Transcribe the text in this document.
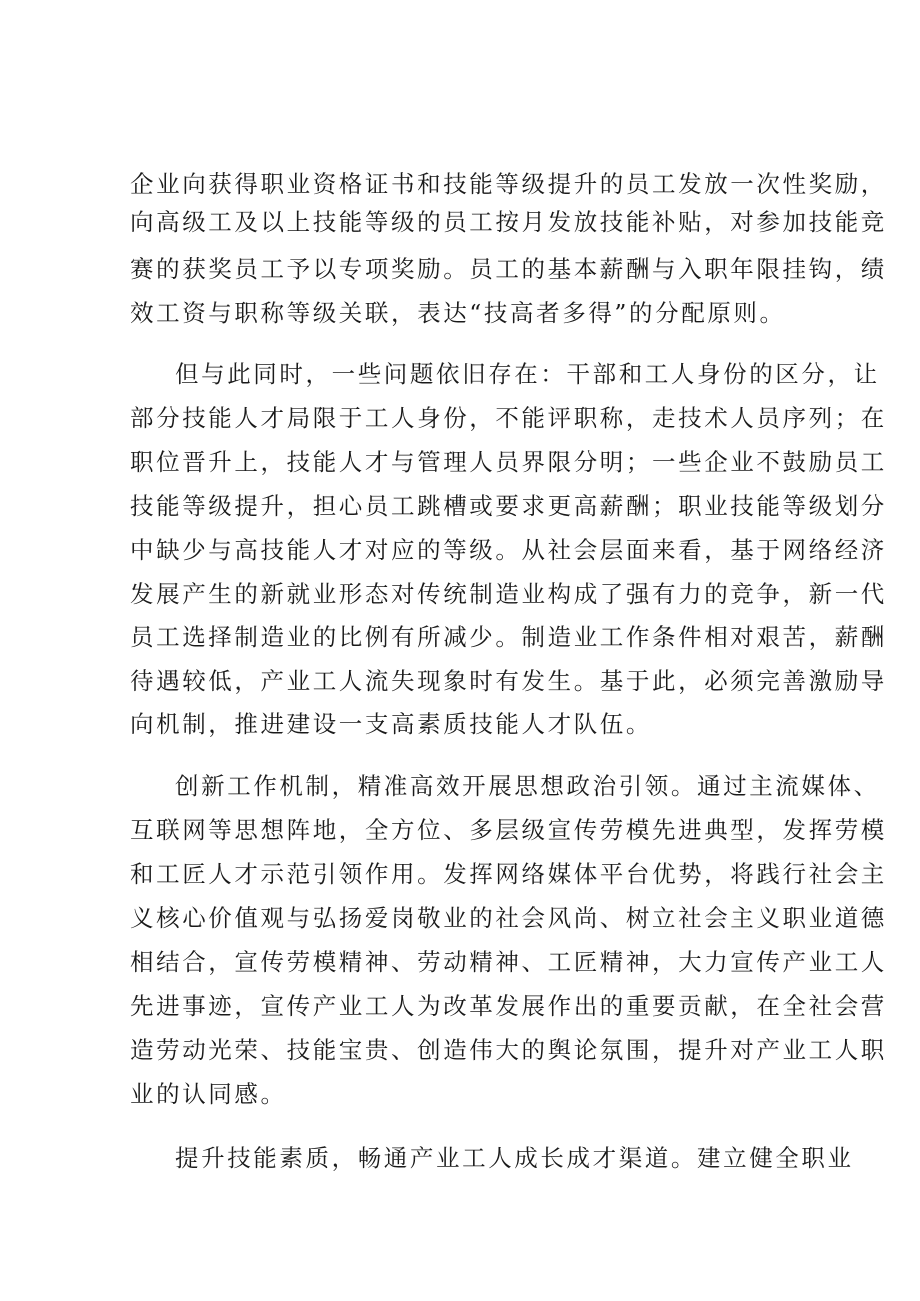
企业向获得职业资格证书和技能等级提升的员工发放一次性奖励，
向高级工及以上技能等级的员工按月发放技能补贴，对参加技能竞
赛的获奖员工予以专项奖励。员工的基本薪酬与入职年限挂钩，绩
效工资与职称等级关联，表达“技高者多得”的分配原则。
但与此同时，一些问题依旧存在：干部和工人身份的区分，让
部分技能人才局限于工人身份，不能评职称，走技术人员序列；在
职位晋升上，技能人才与管理人员界限分明；一些企业不鼓励员工
技能等级提升，担心员工跳槽或要求更高薪酬；职业技能等级划分
中缺少与高技能人才对应的等级。从社会层面来看，基于网络经济
发展产生的新就业形态对传统制造业构成了强有力的竞争，新一代
员工选择制造业的比例有所减少。制造业工作条件相对艰苦，薪酬
待遇较低，产业工人流失现象时有发生。基于此，必须完善激励导
向机制，推进建设一支高素质技能人才队伍。
创新工作机制，精准高效开展思想政治引领。通过主流媒体、
互联网等思想阵地，全方位、多层级宣传劳模先进典型，发挥劳模
和工匠人才示范引领作用。发挥网络媒体平台优势，将践行社会主
义核心价值观与弘扬爱岗敬业的社会风尚、树立社会主义职业道德
相结合，宣传劳模精神、劳动精神、工匠精神，大力宣传产业工人
先进事迹，宣传产业工人为改革发展作出的重要贡献，在全社会营
造劳动光荣、技能宝贵、创造伟大的舆论氛围，提升对产业工人职
业的认同感。
提升技能素质，畅通产业工人成长成才渠道。建立健全职业
